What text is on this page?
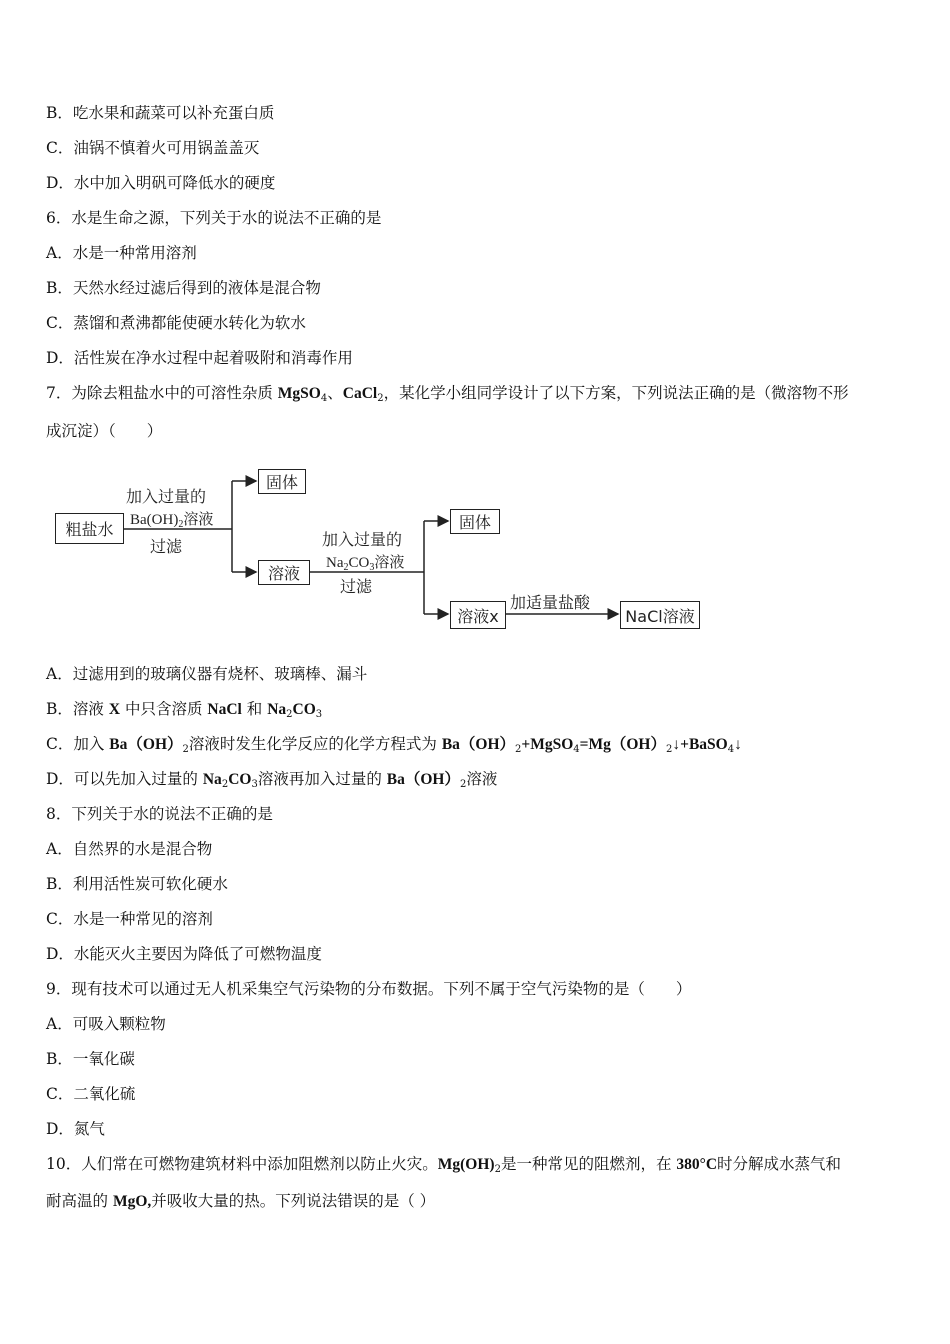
B．吃水果和蔬菜可以补充蛋白质
C．油锅不慎着火可用锅盖盖灭
D．水中加入明矾可降低水的硬度
6．水是生命之源，下列关于水的说法不正确的是
A．水是一种常用溶剂
B．天然水经过滤后得到的液体是混合物
C．蒸馏和煮沸都能使硬水转化为软水
D．活性炭在净水过程中起着吸附和消毒作用
7．为除去粗盐水中的可溶性杂质 MgSO$_4$、CaCl$_2$，某化学小组同学设计了以下方案，下列说法正确的是（微溶物不形
成沉淀）（　　）
粗盐水
固体
溶液
固体
溶液x	NaCl溶液
加入过量的
$Ba(OH)_2$溶液
过滤	加入过量的
$Na_2CO_3$溶液
过滤
加适量盐酸
A．过滤用到的玻璃仪器有烧杯、玻璃棒、漏斗
B．溶液 X 中只含溶质 NaCl 和 $Na_2CO_3$
C．加入 $Ba(OH)_2$溶液时发生化学反应的化学方程式为 $Ba(OH)_2+MgSO_4=Mg(OH)_2↓+BaSO_4↓$
D．可以先加入过量的 $Na_2CO_3$溶液再加入过量的 $Ba(OH)_2$溶液
8．下列关于水的说法不正确的是
A．自然界的水是混合物
B．利用活性炭可软化硬水
C．水是一种常见的溶剂
D．水能灭火主要因为降低了可燃物温度
9．现有技术可以通过无人机采集空气污染物的分布数据。下列不属于空气污染物的是（　　）
A．可吸入颗粒物
B．一氧化碳
C．二氧化硫
D．氮气
10．人们常在可燃物建筑材料中添加阻燃剂以防止火灾。$Mg(OH)_2$是一种常见的阻燃剂，在 380°C时分解成水蒸气和
耐高温的 MgO,并吸收大量的热。下列说法错误的是（ ）
